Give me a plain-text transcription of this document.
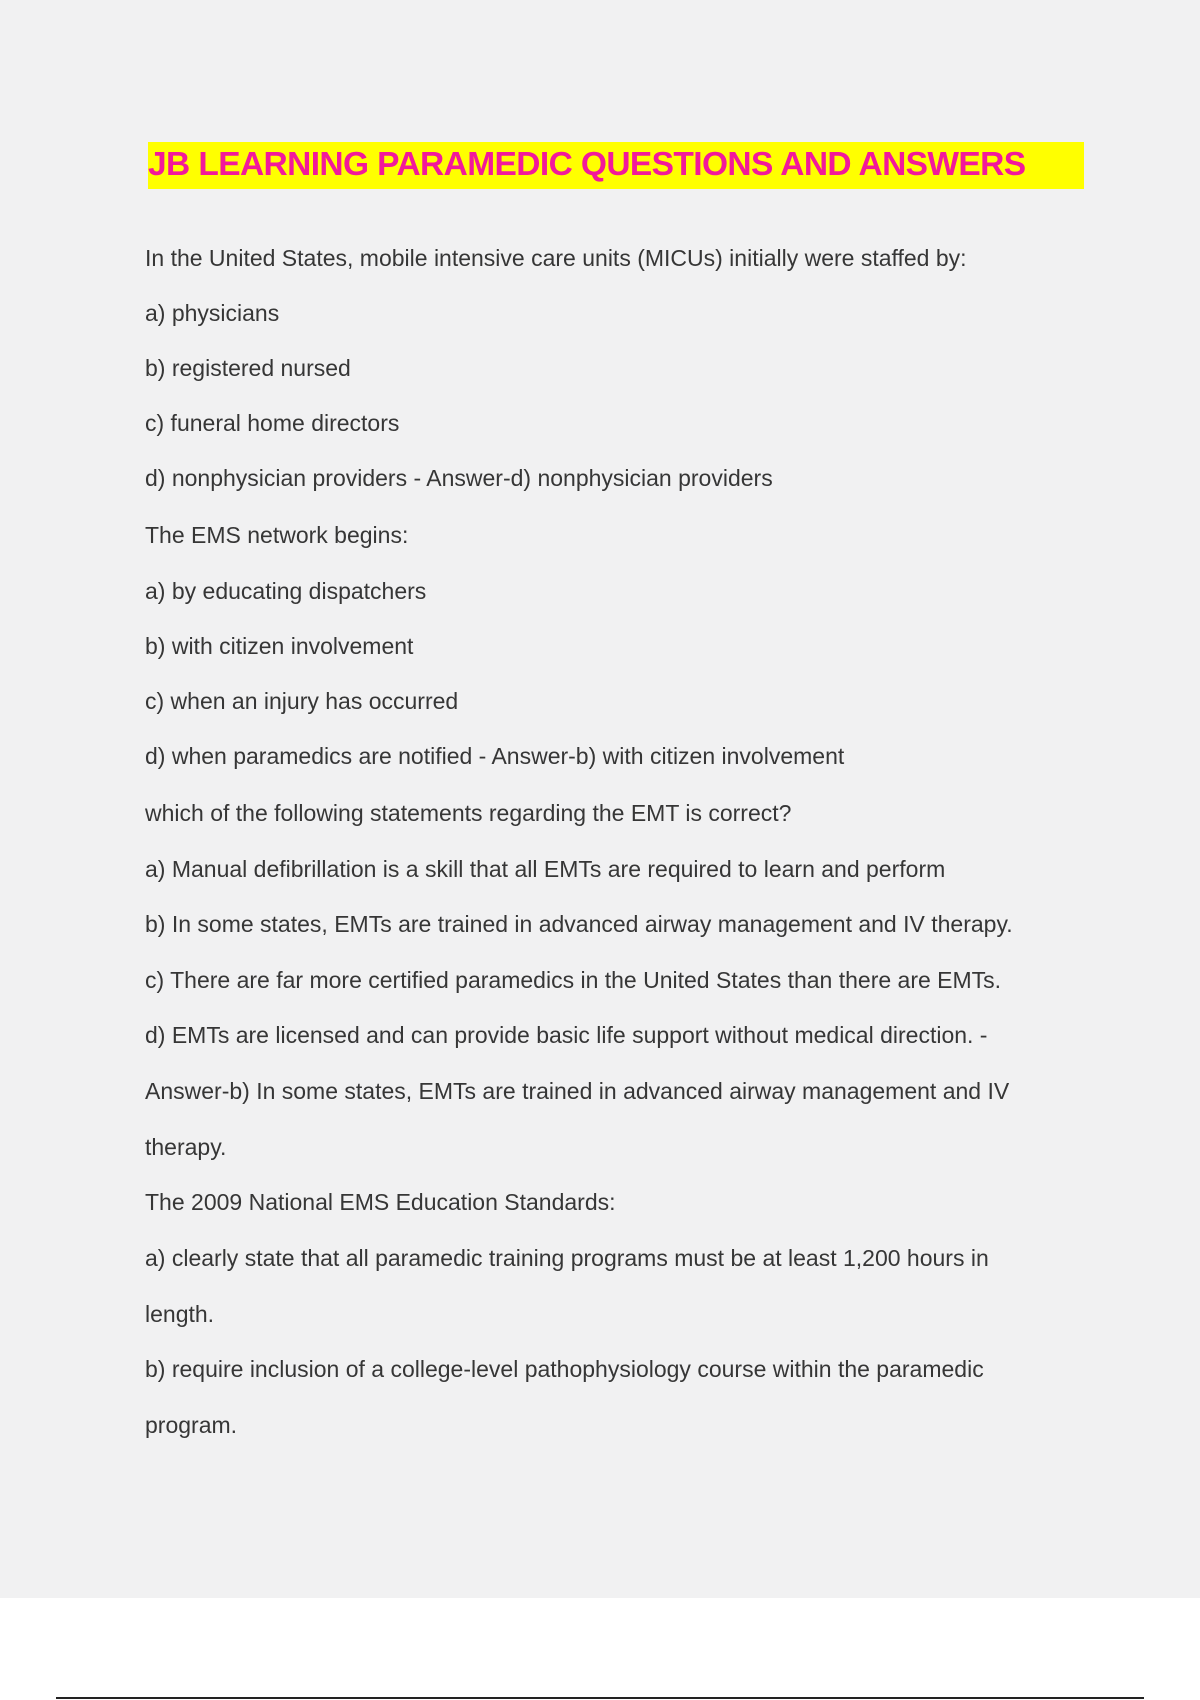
JB LEARNING PARAMEDIC QUESTIONS AND ANSWERS
In the United States, mobile intensive care units (MICUs) initially were staffed by:
a) physicians
b) registered nursed
c) funeral home directors
d) nonphysician providers - Answer-d) nonphysician providers
The EMS network begins:
a) by educating dispatchers
b) with citizen involvement
c) when an injury has occurred
d) when paramedics are notified - Answer-b) with citizen involvement
which of the following statements regarding the EMT is correct?
a) Manual defibrillation is a skill that all EMTs are required to learn and perform
b) In some states, EMTs are trained in advanced airway management and IV therapy.
c) There are far more certified paramedics in the United States than there are EMTs.
d) EMTs are licensed and can provide basic life support without medical direction. -
Answer-b) In some states, EMTs are trained in advanced airway management and IV
therapy.
The 2009 National EMS Education Standards:
a) clearly state that all paramedic training programs must be at least 1,200 hours in
length.
b) require inclusion of a college-level pathophysiology course within the paramedic
program.
